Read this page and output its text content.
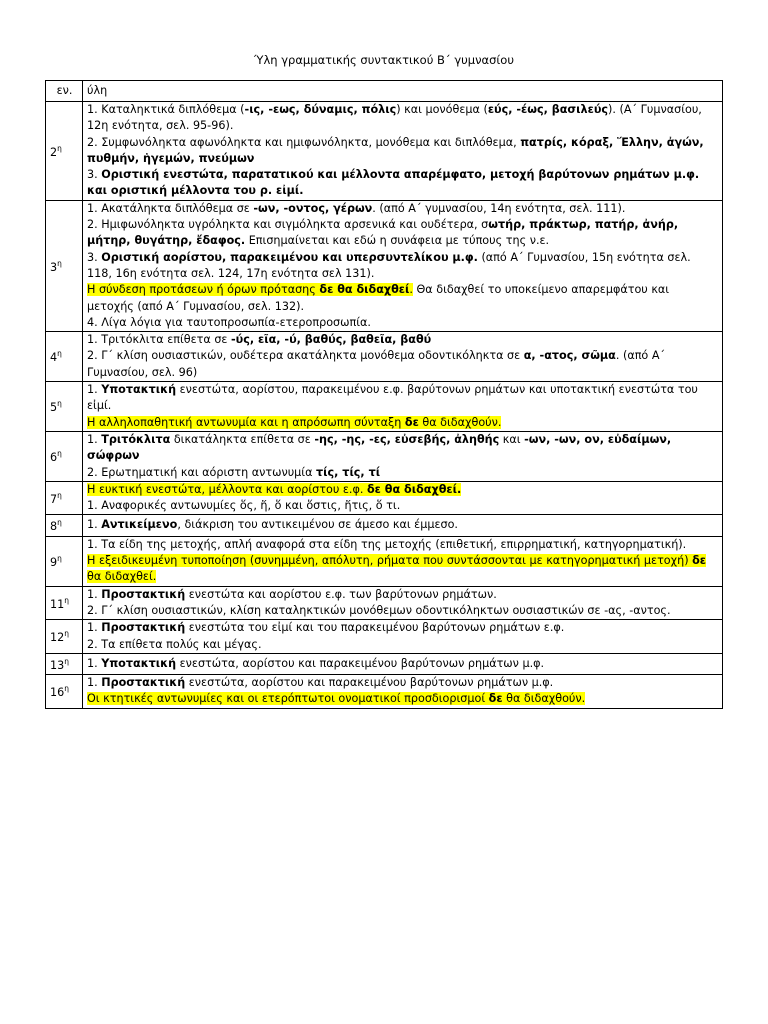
Ύλη γραμματικής συντακτικού Β΄ γυμνασίου
εν.	ύλη
$2^\eta$	1. Καταληκτικά διπλόθεμα (-ις, -εως, δύναμις, πόλις) και μονόθεμα (εύς, -έως, βασιλεύς). (Α΄ Γυμνασίου, 12η ενότητα, σελ. 95-96).
2. Συμφωνόληκτα αφωνόληκτα και ημιφωνόληκτα, μονόθεμα και διπλόθεμα, πατρίς, κόραξ, Ἕλλην, ἀγών, πυθμήν, ἡγεμών, πνεύμων
3. Οριστική ενεστώτα, παρατατικού και μέλλοντα απαρέμφατο, μετοχή βαρύτονων ρημάτων μ.φ. και οριστική μέλλοντα του ρ. εἰμί.

$3^\eta$	1. Ακατάληκτα διπλόθεμα σε -ων, -οντος, γέρων. (από Α΄ γυμνασίου, 14η ενότητα, σελ. 111).
2. Ημιφωνόληκτα υγρόληκτα και σιγμόληκτα αρσενικά και ουδέτερα, σωτήρ, πράκτωρ, πατήρ, ἀνήρ, μήτηρ, θυγάτηρ, ἔδαφος. Επισημαίνεται και εδώ η συνάφεια με τύπους της ν.ε.
3. Οριστική αορίστου, παρακειμένου και υπερσυντελίκου μ.φ. (από Α΄ Γυμνασίου, 15η ενότητα σελ. 118, 16η ενότητα σελ. 124, 17η ενότητα σελ 131).
Η σύνδεση προτάσεων ή όρων πρότασης δε θα διδαχθεί. Θα διδαχθεί το υποκείμενο απαρεμφάτου και μετοχής (από Α΄ Γυμνασίου, σελ. 132).
4. Λίγα λόγια για ταυτοπροσωπία-ετεροπροσωπία.

$4^\eta$	1. Τριτόκλιτα επίθετα σε -ύς, εῖα, -ύ, βαθύς, βαθεῖα, βαθύ
2. Γ΄ κλίση ουσιαστικών, ουδέτερα ακατάληκτα μονόθεμα οδοντικόληκτα σε α, -ατος, σῶμα. (από Α΄ Γυμνασίου, σελ. 96)

$5^\eta$	1. Υποτακτική ενεστώτα, αορίστου, παρακειμένου ε.φ. βαρύτονων ρημάτων και υποτακτική ενεστώτα του εἰμί.
Η αλληλοπαθητική αντωνυμία και η απρόσωπη σύνταξη δε θα διδαχθούν.

$6^\eta$	1. Τριτόκλιτα δικατάληκτα επίθετα σε -ης, -ης, -ες, εὐσεβής, ἀληθής και -ων, -ων, ον, εὐδαίμων, σώφρων
2. Ερωτηματική και αόριστη αντωνυμία τίς, τίς, τί

$7^\eta$	Η ευκτική ενεστώτα, μέλλοντα και αορίστου ε.φ. δε θα διδαχθεί.
1. Αναφορικές αντωνυμίες ὅς, ἥ, ὅ και ὅστις, ἥτις, ὅ τι.

$8^\eta$	1. Αντικείμενο, διάκριση του αντικειμένου σε άμεσο και έμμεσο.

$9^\eta$	1. Τα είδη της μετοχής, απλή αναφορά στα είδη της μετοχής (επιθετική, επιρρηματική, κατηγορηματική).
Η εξειδικευμένη τυποποίηση (συνημμένη, απόλυτη, ρήματα που συντάσσονται με κατηγορηματική μετοχή) δε θα διδαχθεί.

$11^\eta$	1. Προστακτική ενεστώτα και αορίστου ε.φ. των βαρύτονων ρημάτων.
2. Γ΄ κλίση ουσιαστικών, κλίση καταληκτικών μονόθεμων οδοντικόληκτων ουσιαστικών σε -ας, -αντος.

$12^\eta$	1. Προστακτική ενεστώτα του εἰμί και του παρακειμένου βαρύτονων ρημάτων ε.φ.
2. Τα επίθετα πολύς και μέγας.

$13^\eta$	1. Υποτακτική ενεστώτα, αορίστου και παρακειμένου βαρύτονων ρημάτων μ.φ.

$16^\eta$	1. Προστακτική ενεστώτα, αορίστου και παρακειμένου βαρύτονων ρημάτων μ.φ.
Οι κτητικές αντωνυμίες και οι ετερόπτωτοι ονοματικοί προσδιορισμοί δε θα διδαχθούν.
